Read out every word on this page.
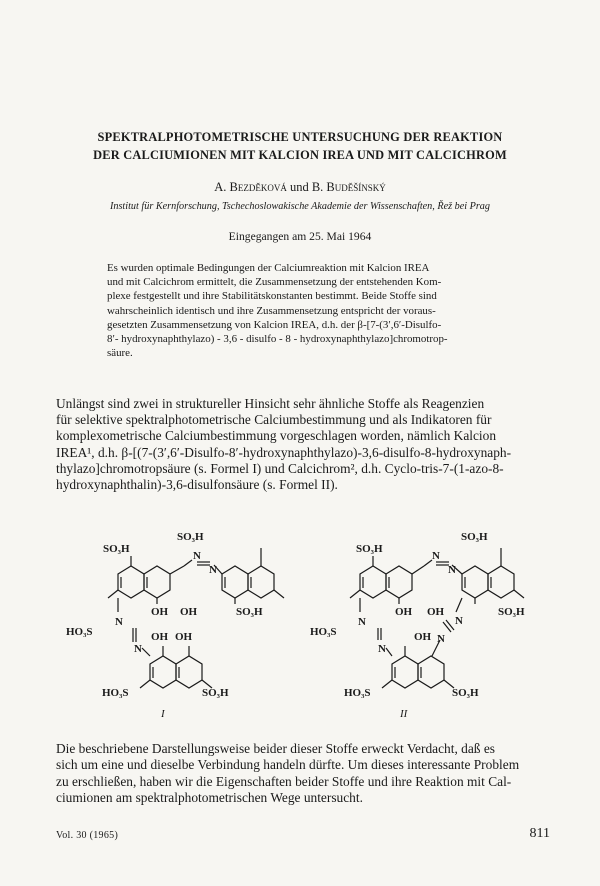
SPEKTRALPHOTOMETRISCHE UNTERSUCHUNG DER REAKTION
DER CALCIUMIONEN MIT KALCION IREA UND MIT CALCICHROM
A. Bezděková und B. Buděšínský
Institut für Kernforschung, Tschechoslowakische Akademie der Wissenschaften, Řež bei Prag
Eingegangen am 25. Mai 1964
Es wurden optimale Bedingungen der Calciumreaktion mit Kalcion IREA
und mit Calcichrom ermittelt, die Zusammensetzung der entstehenden Kom-
plexe festgestellt und ihre Stabilitätskonstanten bestimmt. Beide Stoffe sind
wahrscheinlich identisch und ihre Zusammensetzung entspricht der voraus-
gesetzten Zusammensetzung von Kalcion IREA, d.h. der β-[7-(3′,6′-Disulfo-
8′- hydroxynaphthylazo) - 3,6 - disulfo - 8 - hydroxynaphthylazo]chromotrop-
säure.
Unlängst sind zwei in struktureller Hinsicht sehr ähnliche Stoffe als Reagenzien
für selektive spektralphotometrische Calciumbestimmung und als Indikatoren für
komplexometrische Calciumbestimmung vorgeschlagen worden, nämlich Kalcion
IREA¹, d.h. β-[(7-(3′,6′-Disulfo-8′-hydroxynaphthylazo)-3,6-disulfo-8-hydroxynaph-
thylazo]chromotropsäure (s. Formel I) und Calcichrom², d.h. Cyclo-tris-7-(1-azo-8-
hydroxynaphthalin)-3,6-disulfonsäure (s. Formel II).
SO₃H
SO₃H
N
N
OH OH	SO₃H
HO₃S
N
N
OH OH
HO₃S	SO₃H
I
SO₃H
SO₃H
N
N
OH OH	SO₃H
HO₃S
N
N
OH
N
N
HO₃S	SO₃H
II
Die beschriebene Darstellungsweise beider dieser Stoffe erweckt Verdacht, daß es
sich um eine und dieselbe Verbindung handeln dürfte. Um dieses interessante Problem
zu erschließen, haben wir die Eigenschaften beider Stoffe und ihre Reaktion mit Cal-
ciumionen am spektralphotometrischen Wege untersucht.
Vol. 30 (1965)	811
